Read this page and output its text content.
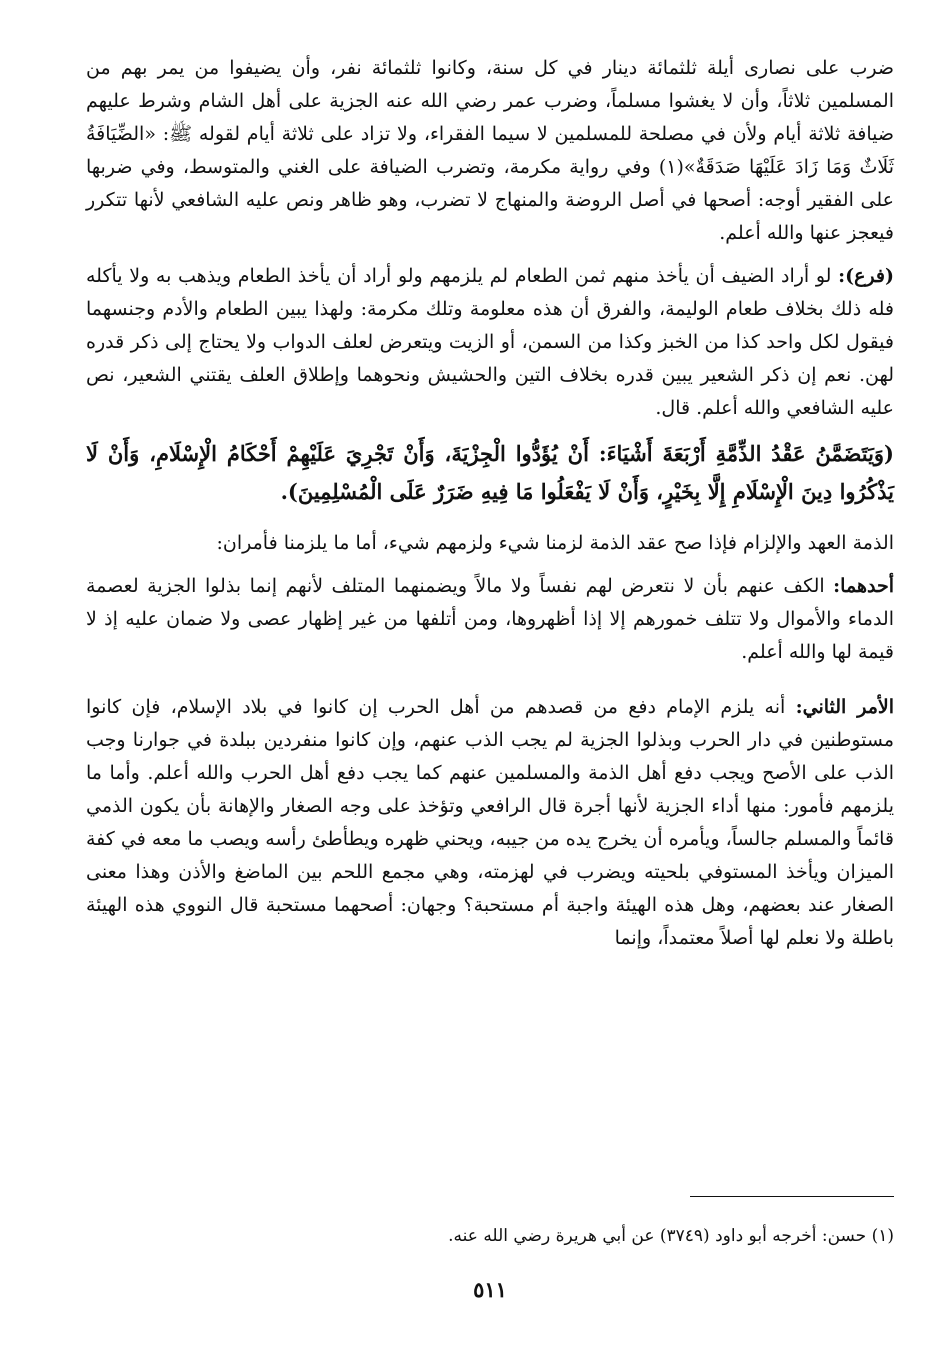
ضرب على نصارى أيلة ثلثمائة دينار في كل سنة، وكانوا ثلثمائة نفر، وأن يضيفوا من يمر بهم من المسلمين ثلاثاً، وأن لا يغشوا مسلماً، وضرب عمر رضي الله عنه الجزية على أهل الشام وشرط عليهم ضيافة ثلاثة أيام ولأن في مصلحة للمسلمين لا سيما الفقراء، ولا تزاد على ثلاثة أيام لقوله ﷺ: «الضِّيَافَةُ ثَلَاثٌ وَمَا زَادَ عَلَيْهَا صَدَقَةٌ»(١) وفي رواية مكرمة، وتضرب الضيافة على الغني والمتوسط، وفي ضربها على الفقير أوجه: أصحها في أصل الروضة والمنهاج لا تضرب، وهو ظاهر ونص عليه الشافعي لأنها تتكرر فيعجز عنها والله أعلم.

(فرع): لو أراد الضيف أن يأخذ منهم ثمن الطعام لم يلزمهم ولو أراد أن يأخذ الطعام ويذهب به ولا يأكله فله ذلك بخلاف طعام الوليمة، والفرق أن هذه معلومة وتلك مكرمة: ولهذا يبين الطعام والأدم وجنسهما فيقول لكل واحد كذا من الخبز وكذا من السمن، أو الزيت ويتعرض لعلف الدواب ولا يحتاج إلى ذكر قدره لهن. نعم إن ذكر الشعير يبين قدره بخلاف التين والحشيش ونحوهما وإطلاق العلف يقتني الشعير، نص عليه الشافعي والله أعلم. قال.

(وَيَتَضَمَّنُ عَقْدُ الذِّمَّةِ أَرْبَعَةَ أَشْيَاءَ: أَنْ يُؤَدُّوا الْجِزْيَةَ، وَأَنْ تَجْرِيَ عَلَيْهِمْ أَحْكَامُ الْإِسْلَامِ، وَأَنْ لَا يَذْكُرُوا دِينَ الْإِسْلَامِ إِلَّا بِخَيْرٍ، وَأَنْ لَا يَفْعَلُوا مَا فِيهِ ضَرَرٌ عَلَى الْمُسْلِمِينَ).

الذمة العهد والإلزام فإذا صح عقد الذمة لزمنا شيء ولزمهم شيء، أما ما يلزمنا فأمران:

أحدهما: الكف عنهم بأن لا نتعرض لهم نفساً ولا مالاً ويضمنهما المتلف لأنهم إنما بذلوا الجزية لعصمة الدماء والأموال ولا تتلف خمورهم إلا إذا أظهروها، ومن أتلفها من غير إظهار عصى ولا ضمان عليه إذ لا قيمة لها والله أعلم.

الأمر الثاني: أنه يلزم الإمام دفع من قصدهم من أهل الحرب إن كانوا في بلاد الإسلام، فإن كانوا مستوطنين في دار الحرب وبذلوا الجزية لم يجب الذب عنهم، وإن كانوا منفردين ببلدة في جوارنا وجب الذب على الأصح ويجب دفع أهل الذمة والمسلمين عنهم كما يجب دفع أهل الحرب والله أعلم. وأما ما يلزمهم فأمور: منها أداء الجزية لأنها أجرة قال الرافعي وتؤخذ على وجه الصغار والإهانة بأن يكون الذمي قائماً والمسلم جالساً، ويأمره أن يخرج يده من جيبه، ويحني ظهره ويطأطئ رأسه ويصب ما معه في كفة الميزان ويأخذ المستوفي بلحيته ويضرب في لهزمته، وهي مجمع اللحم بين الماضغ والأذن وهذا معنى الصغار عند بعضهم، وهل هذه الهيئة واجبة أم مستحبة؟ وجهان: أصحهما مستحبة قال النووي هذه الهيئة باطلة ولا نعلم لها أصلاً معتمداً، وإنما

(١) حسن: أخرجه أبو داود (٣٧٤٩) عن أبي هريرة رضي الله عنه.
٥١١
